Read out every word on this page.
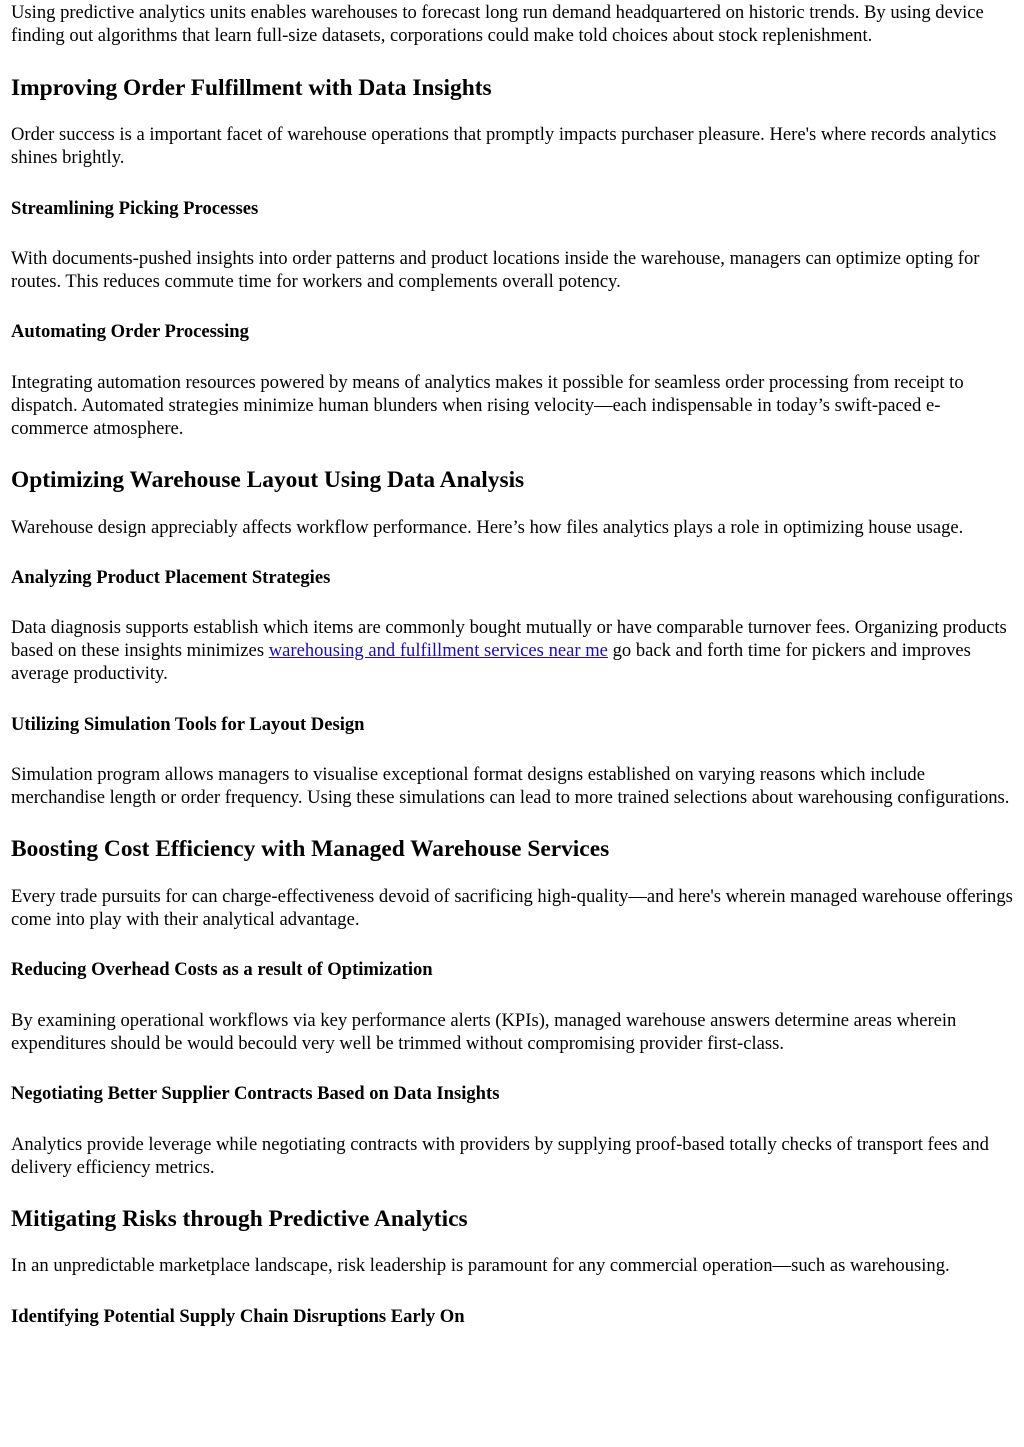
Using predictive analytics units enables warehouses to forecast long run demand headquartered on historic trends. By using device finding out algorithms that learn full-size datasets, corporations could make told choices about stock replenishment.

Improving Order Fulfillment with Data Insights

Order success is a important facet of warehouse operations that promptly impacts purchaser pleasure. Here's where records analytics shines brightly.

Streamlining Picking Processes

With documents-pushed insights into order patterns and product locations inside the warehouse, managers can optimize opting for routes. This reduces commute time for workers and complements overall potency.

Automating Order Processing

Integrating automation resources powered by means of analytics makes it possible for seamless order processing from receipt to dispatch. Automated strategies minimize human blunders when rising velocity—each indispensable in today’s swift-paced e-commerce atmosphere.

Optimizing Warehouse Layout Using Data Analysis

Warehouse design appreciably affects workflow performance. Here’s how files analytics plays a role in optimizing house usage.

Analyzing Product Placement Strategies

Data diagnosis supports establish which items are commonly bought mutually or have comparable turnover fees. Organizing products based on these insights minimizes warehousing and fulfillment services near me go back and forth time for pickers and improves average productivity.

Utilizing Simulation Tools for Layout Design

Simulation program allows managers to visualise exceptional format designs established on varying reasons which include merchandise length or order frequency. Using these simulations can lead to more trained selections about warehousing configurations.

Boosting Cost Efficiency with Managed Warehouse Services

Every trade pursuits for can charge-effectiveness devoid of sacrificing high-quality—and here's wherein managed warehouse offerings come into play with their analytical advantage.

Reducing Overhead Costs as a result of Optimization

By examining operational workflows via key performance alerts (KPIs), managed warehouse answers determine areas wherein expenditures should be would becould very well be trimmed without compromising provider first-class.

Negotiating Better Supplier Contracts Based on Data Insights

Analytics provide leverage while negotiating contracts with providers by supplying proof-based totally checks of transport fees and delivery efficiency metrics.

Mitigating Risks through Predictive Analytics

In an unpredictable marketplace landscape, risk leadership is paramount for any commercial operation—such as warehousing.

Identifying Potential Supply Chain Disruptions Early On
